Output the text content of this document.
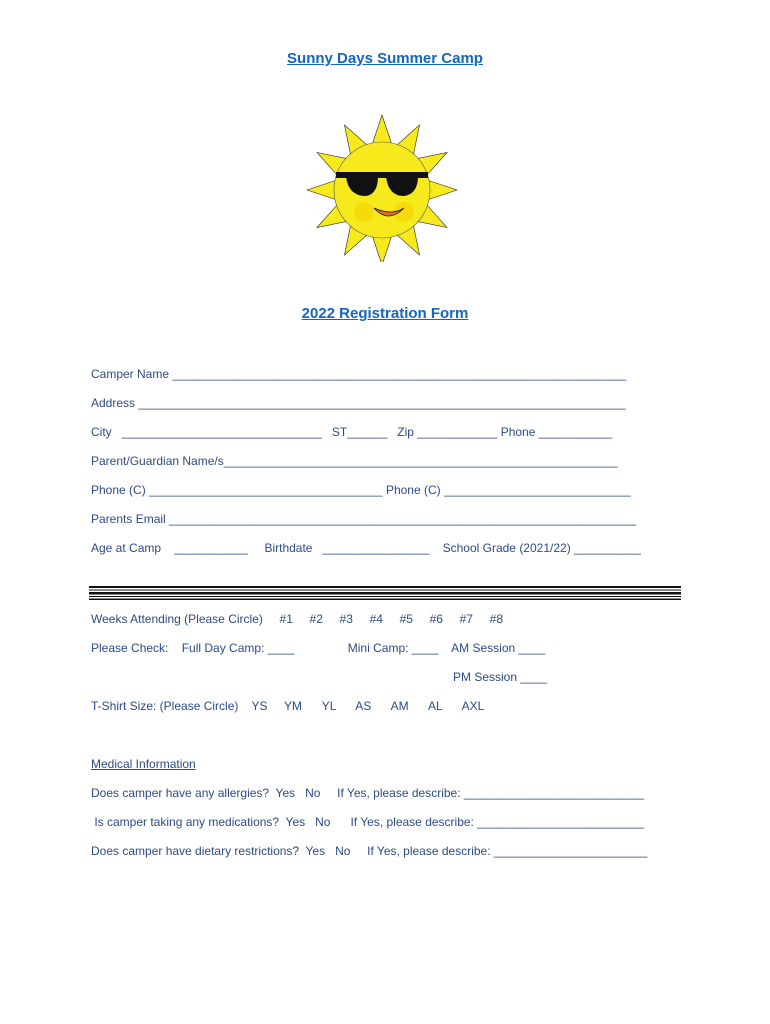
Sunny Days Summer Camp
2022 Registration Form
Camper Name ____________________________________________________________________
Address _________________________________________________________________________
City   ______________________________   ST______   Zip ____________ Phone ___________
Parent/Guardian Name/s___________________________________________________________
Phone (C) ___________________________________ Phone (C) ____________________________
Parents Email ______________________________________________________________________
Age at Camp    ___________     Birthdate   ________________    School Grade (2021/22) __________
Weeks Attending (Please Circle)     #1     #2     #3     #4     #5     #6     #7     #8
Please Check:    Full Day Camp: ____                Mini Camp: ____    AM Session ____
PM Session ____
T-Shirt Size: (Please Circle)    YS     YM      YL      AS      AM      AL      AXL
Medical Information
Does camper have any allergies?  Yes   No     If Yes, please describe: ___________________________
Is camper taking any medications?  Yes   No      If Yes, please describe: _________________________
Does camper have dietary restrictions?  Yes   No     If Yes, please describe: _______________________
